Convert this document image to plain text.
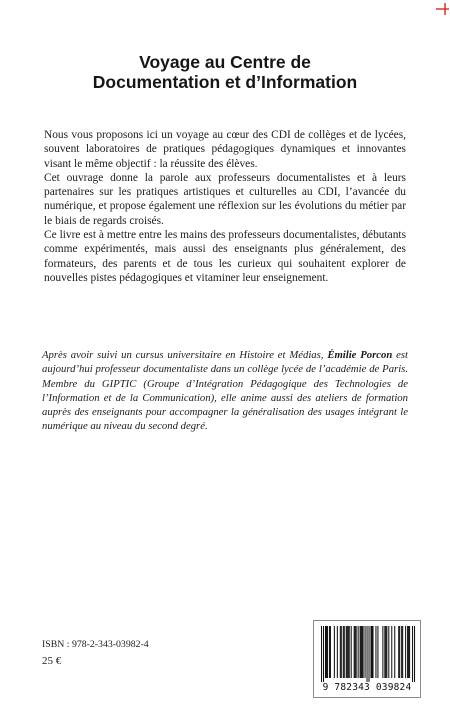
Voyage au Centre de
Documentation et d’Information

Nous vous proposons ici un voyage au cœur des CDI de collèges et de lycées, souvent laboratoires de pratiques pédagogiques dynamiques et innovantes visant le même objectif : la réussite des élèves.

Cet ouvrage donne la parole aux professeurs documentalistes et à leurs partenaires sur les pratiques artistiques et culturelles au CDI, l’avancée du numérique, et propose également une réflexion sur les évolutions du métier par le biais de regards croisés.

Ce livre est à mettre entre les mains des professeurs documentalistes, débutants comme expérimentés, mais aussi des enseignants plus généralement, des formateurs, des parents et de tous les curieux qui souhaitent explorer de nouvelles pistes pédagogiques et vitaminer leur enseignement.

Après avoir suivi un cursus universitaire en Histoire et Médias, Émilie Porcon est aujourd’hui professeur documentaliste dans un collège lycée de l’académie de Paris. Membre du GIPTIC (Groupe d’Intégration Pédagogique des Technologies de l’Information et de la Communication), elle anime aussi des ateliers de formation auprès des enseignants pour accompagner la généralisation des usages intégrant le numérique au niveau du second degré.
ISBN : 978-2-343-03982-4
25 €
9 782343 039824
